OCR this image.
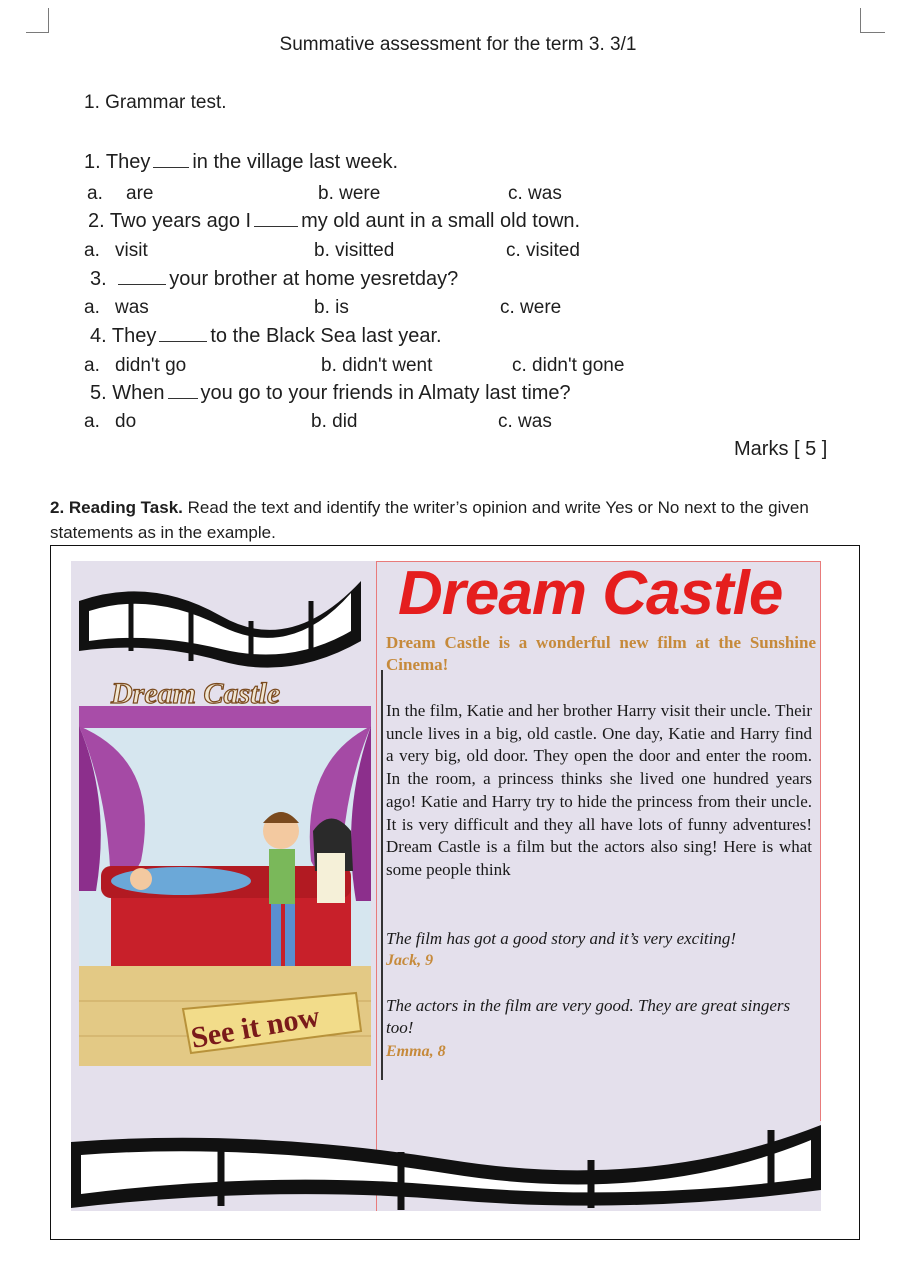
Summative assessment for the term 3. 3/1
1. Grammar test.
1. They in the village last week.
a. are	b. were	c. was
2. Two years ago I	my old aunt in a small old town.
a. visit	b. visitted	c. visited
3.	your brother at home yesretday?
a. was	b. is	c. were
4. They	to the Black Sea last year.
a. didn't go	b. didn't went	c. didn't gone
5. When you go to your friends in Almaty last time?
a. do	b. did	c. was
Marks [ 5 ]
2. Reading Task. Read the text and identify the writer’s opinion and write Yes or No next to the given statements as in the example.
Dream Castle
See it now
Dream Castle
Dream Castle is a wonderful new film at the Sunshine Cinema!
In the film, Katie and her brother Harry visit their uncle. Their uncle lives in a big, old castle. One day, Katie and Harry find a very big, old door. They open the door and enter the room. In the room, a princess thinks she lived one hundred years ago! Katie and Harry try to hide the princess from their uncle. It is very difficult and they all have lots of funny adventures! Dream Castle is a film but the actors also sing! Here is what some people think
The film has got a good story and it’s very exciting!
Jack, 9
The actors in the film are very good. They are great singers too!
Emma, 8
